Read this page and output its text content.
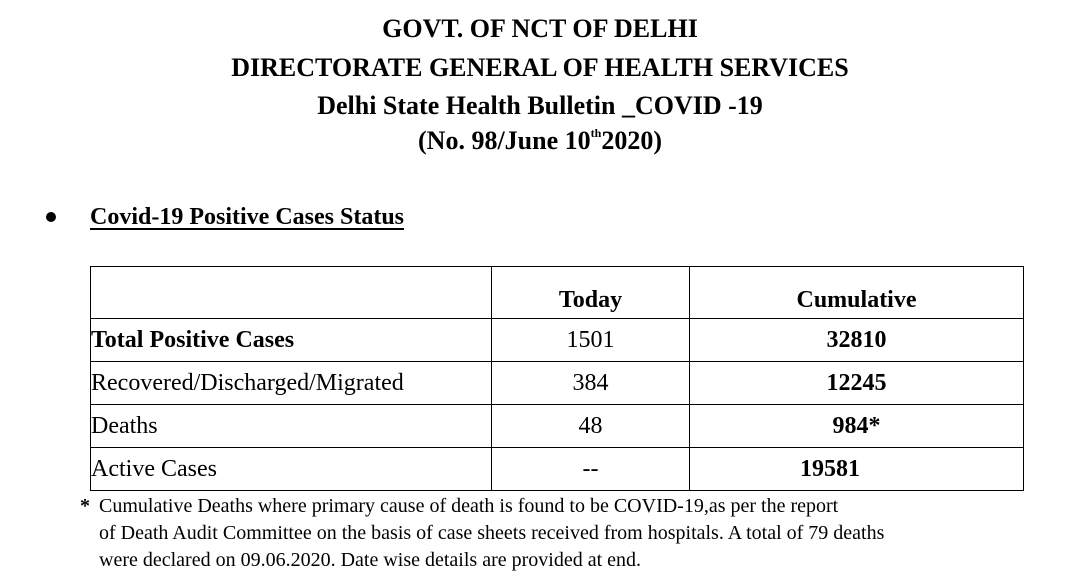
GOVT. OF NCT OF DELHI
DIRECTORATE GENERAL OF HEALTH SERVICES
Delhi State Health Bulletin _COVID -19
(No. 98/June 10th2020)
Covid-19 Positive Cases Status
	Today	Cumulative
Total Positive Cases	1501	32810
Recovered/Discharged/Migrated	384	12245
Deaths	48	984*
Active Cases	--	19581
* Cumulative Deaths where primary cause of death is found to be COVID-19,as per the report
of Death Audit Committee on the basis of case sheets received from hospitals. A total of 79 deaths
were declared on 09.06.2020. Date wise details are provided at end.
